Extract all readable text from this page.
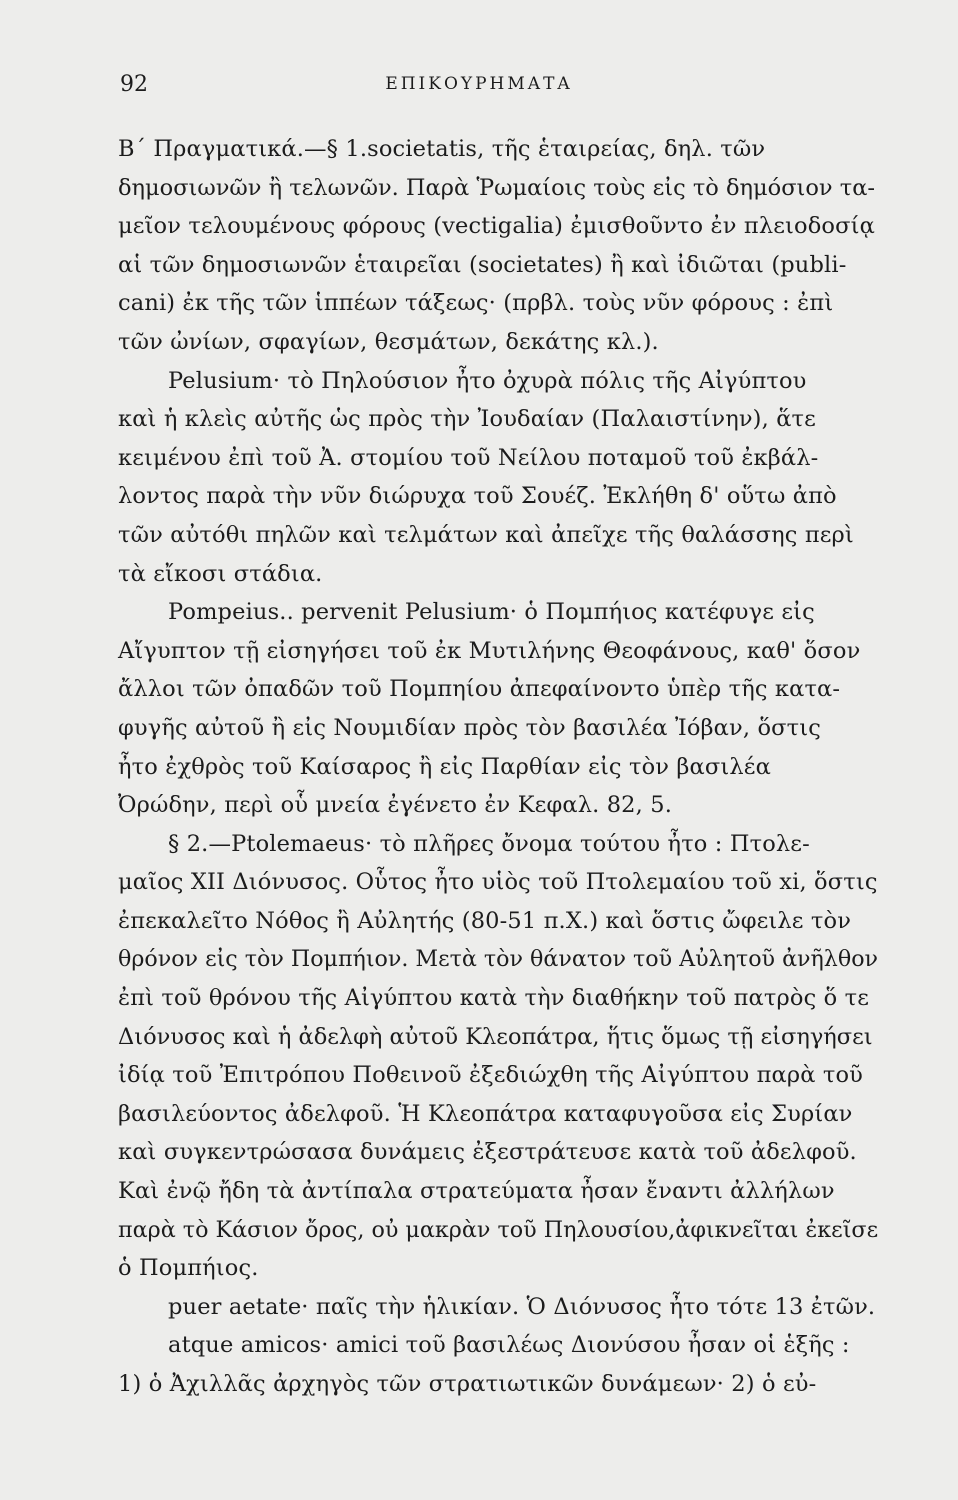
92	ΕΠΙΚΟΥΡΗΜΑΤΑ
Β΄ Πραγματικά.—§ 1.societatis, τῆς ἑταιρείας, δηλ. τῶν
δημοσιωνῶν ἢ τελωνῶν. Παρὰ Ῥωμαίοις τοὺς εἰς τὸ δημόσιον τα-
μεῖον τελουμένους φόρους (vectigalia) ἐμισθοῦντο ἐν πλειοδοσίᾳ
αἱ τῶν δημοσιωνῶν ἑταιρεῖαι (societates) ἢ καὶ ἰδιῶται (publi-
cani) ἐκ τῆς τῶν ἱππέων τάξεως· (πρβλ. τοὺς νῦν φόρους : ἐπὶ
τῶν ὠνίων, σφαγίων, θεσμάτων, δεκάτης κλ.).
Pelusium· τὸ Πηλούσιον ἦτο ὀχυρὰ πόλις τῆς Αἰγύπτου
καὶ ἡ κλεὶς αὐτῆς ὡς πρὸς τὴν Ἰουδαίαν (Παλαιστίνην), ἅτε
κειμένου ἐπὶ τοῦ Ἀ. στομίου τοῦ Νείλου ποταμοῦ τοῦ ἐκβάλ-
λοντος παρὰ τὴν νῦν διώρυχα τοῦ Σουέζ. Ἐκλήθη δ' οὕτω ἀπὸ
τῶν αὐτόθι πηλῶν καὶ τελμάτων καὶ ἀπεῖχε τῆς θαλάσσης περὶ
τὰ εἴκοσι στάδια.
Pompeius.. pervenit Pelusium· ὁ Πομπήιος κατέφυγε εἰς
Αἴγυπτον τῇ εἰσηγήσει τοῦ ἐκ Μυτιλήνης Θεοφάνους, καθ' ὅσον
ἄλλοι τῶν ὀπαδῶν τοῦ Πομπηίου ἀπεφαίνοντο ὑπὲρ τῆς κατα-
φυγῆς αὐτοῦ ἢ εἰς Νουμιδίαν πρὸς τὸν βασιλέα Ἰόβαν, ὅστις
ἦτο ἐχθρὸς τοῦ Καίσαρος ἢ εἰς Παρθίαν εἰς τὸν βασιλέα
Ὀρώδην, περὶ οὗ μνεία ἐγένετο ἐν Κεφαλ. 82, 5.
§ 2.—Ptolemaeus· τὸ πλῆρες ὄνομα τούτου ἦτο : Πτολε-
μαῖος XII Διόνυσος. Οὗτος ἦτο υἱὸς τοῦ Πτολεμαίου τοῦ xi, ὅστις
ἐπεκαλεῖτο Νόθος ἢ Αὐλητής (80-51 π.Χ.) καὶ ὅστις ὤφειλε τὸν
θρόνον εἰς τὸν Πομπήιον. Μετὰ τὸν θάνατον τοῦ Αὐλητοῦ ἀνῆλθον
ἐπὶ τοῦ θρόνου τῆς Αἰγύπτου κατὰ τὴν διαθήκην τοῦ πατρὸς ὅ τε
Διόνυσος καὶ ἡ ἀδελφὴ αὐτοῦ Κλεοπάτρα, ἥτις ὅμως τῇ εἰσηγήσει
ἰδίᾳ τοῦ Ἐπιτρόπου Ποθεινοῦ ἐξεδιώχθη τῆς Αἰγύπτου παρὰ τοῦ
βασιλεύοντος ἀδελφοῦ. Ἡ Κλεοπάτρα καταφυγοῦσα εἰς Συρίαν
καὶ συγκεντρώσασα δυνάμεις ἐξεστράτευσε κατὰ τοῦ ἀδελφοῦ.
Καὶ ἐνῷ ἤδη τὰ ἀντίπαλα στρατεύματα ἦσαν ἔναντι ἀλλήλων
παρὰ τὸ Κάσιον ὄρος, οὐ μακρὰν τοῦ Πηλουσίου,ἀφικνεῖται ἐκεῖσε
ὁ Πομπήιος.
puer aetate· παῖς τὴν ἡλικίαν. Ὁ Διόνυσος ἦτο τότε 13 ἐτῶν.
atque amicos· amici τοῦ βασιλέως Διονύσου ἦσαν οἱ ἑξῆς :
1) ὁ Ἀχιλλᾶς ἀρχηγὸς τῶν στρατιωτικῶν δυνάμεων· 2) ὁ εὐ-
